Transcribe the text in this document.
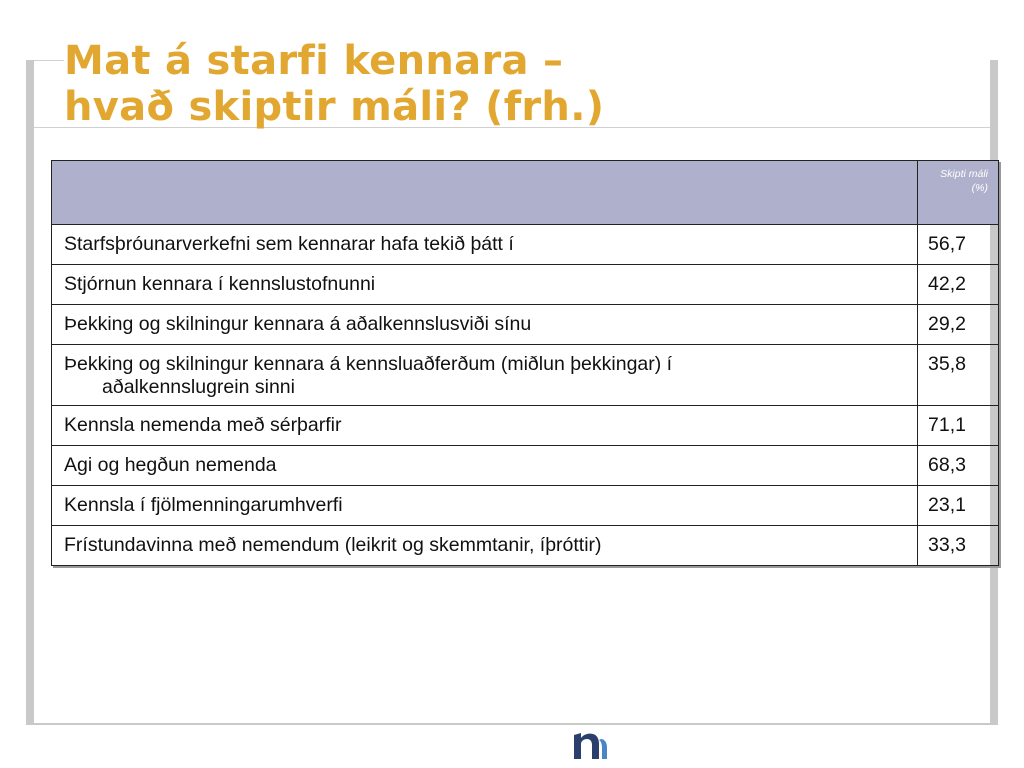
Mat á starfi kennara –
hvað skiptir máli? (frh.)

	Skipti máli
(%)

Starfsþróunarverkefni sem kennarar hafa tekið þátt í	56,7
Stjórnun kennara í kennslustofnunni	42,2
Þekking og skilningur kennara á aðalkennslusviði sínu	29,2
Þekking og skilningur kennara á kennsluaðferðum (miðlun þekkingar) í
aðalkennslugrein sinni	35,8
Kennsla nemenda með sérþarfir	71,1
Agi og hegðun nemenda	68,3
Kennsla í fjölmenningarumhverfi	23,1
Frístundavinna með nemendum (leikrit og skemmtanir, íþróttir)	33,3
